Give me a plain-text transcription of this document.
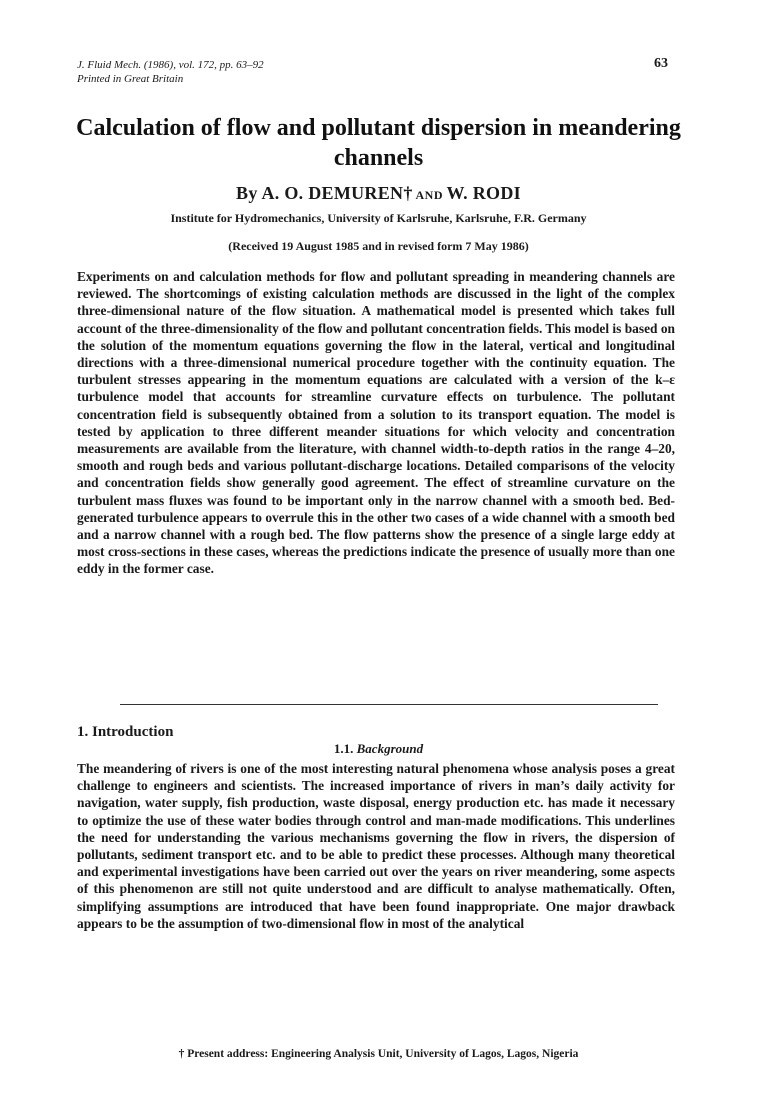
J. Fluid Mech. (1986), vol. 172, pp. 63–92
Printed in Great Britain
63
Calculation of flow and pollutant dispersion in meandering channels
By A. O. DEMUREN† AND W. RODI
Institute for Hydromechanics, University of Karlsruhe, Karlsruhe, F.R. Germany
(Received 19 August 1985 and in revised form 7 May 1986)
Experiments on and calculation methods for flow and pollutant spreading in meandering channels are reviewed. The shortcomings of existing calculation methods are discussed in the light of the complex three-dimensional nature of the flow situation. A mathematical model is presented which takes full account of the three-dimensionality of the flow and pollutant concentration fields. This model is based on the solution of the momentum equations governing the flow in the lateral, vertical and longitudinal directions with a three-dimensional numerical procedure together with the continuity equation. The turbulent stresses appearing in the momentum equations are calculated with a version of the k–ε turbulence model that accounts for streamline curvature effects on turbulence. The pollutant concentration field is subsequently obtained from a solution to its transport equation. The model is tested by application to three different meander situations for which velocity and concentration measurements are available from the literature, with channel width-to-depth ratios in the range 4–20, smooth and rough beds and various pollutant-discharge locations. Detailed comparisons of the velocity and concentration fields show generally good agreement. The effect of streamline curvature on the turbulent mass fluxes was found to be important only in the narrow channel with a smooth bed. Bed-generated turbulence appears to overrule this in the other two cases of a wide channel with a smooth bed and a narrow channel with a rough bed. The flow patterns show the presence of a single large eddy at most cross-sections in these cases, whereas the predictions indicate the presence of usually more than one eddy in the former case.
1. Introduction
1.1. Background
The meandering of rivers is one of the most interesting natural phenomena whose analysis poses a great challenge to engineers and scientists. The increased importance of rivers in man’s daily activity for navigation, water supply, fish production, waste disposal, energy production etc. has made it necessary to optimize the use of these water bodies through control and man-made modifications. This underlines the need for understanding the various mechanisms governing the flow in rivers, the dispersion of pollutants, sediment transport etc. and to be able to predict these processes. Although many theoretical and experimental investigations have been carried out over the years on river meandering, some aspects of this phenomenon are still not quite understood and are difficult to analyse mathematically. Often, simplifying assumptions are introduced that have been found inappropriate. One major drawback appears to be the assumption of two-dimensional flow in most of the analytical
† Present address: Engineering Analysis Unit, University of Lagos, Lagos, Nigeria
